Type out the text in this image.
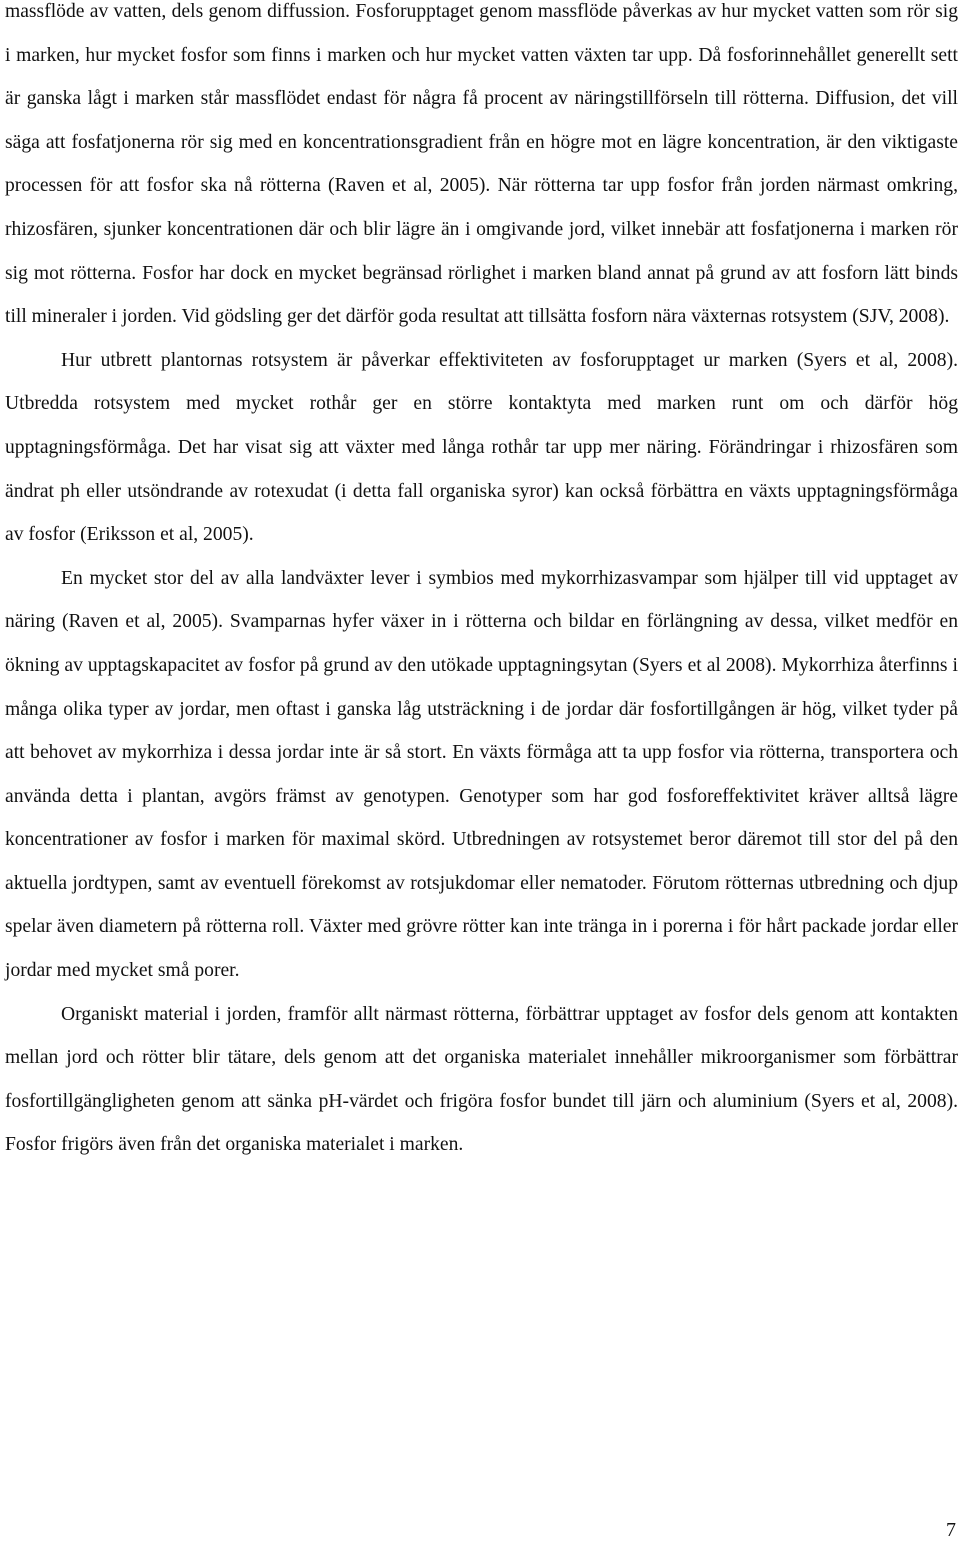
massflöde av vatten, dels genom diffussion. Fosforupptaget genom massflöde påverkas av hur mycket vatten som rör sig i marken, hur mycket fosfor som finns i marken och hur mycket vatten växten tar upp. Då fosforinnehållet generellt sett är ganska lågt i marken står massflödet endast för några få procent av näringstillförseln till rötterna. Diffusion, det vill säga att fosfatjonerna rör sig med en koncentrationsgradient från en högre mot en lägre koncentration, är den viktigaste processen för att fosfor ska nå rötterna (Raven et al, 2005). När rötterna tar upp fosfor från jorden närmast omkring, rhizosfären, sjunker koncentrationen där och blir lägre än i omgivande jord, vilket innebär att fosfatjonerna i marken rör sig mot rötterna. Fosfor har dock en mycket begränsad rörlighet i marken bland annat på grund av att fosforn lätt binds till mineraler i jorden. Vid gödsling ger det därför goda resultat att tillsätta fosforn nära växternas rotsystem (SJV, 2008).

Hur utbrett plantornas rotsystem är påverkar effektiviteten av fosforupptaget ur marken (Syers et al, 2008). Utbredda rotsystem med mycket rothår ger en större kontaktyta med marken runt om och därför hög upptagningsförmåga. Det har visat sig att växter med långa rothår tar upp mer näring. Förändringar i rhizosfären som ändrat ph eller utsöndrande av rotexudat (i detta fall organiska syror) kan också förbättra en växts upptagningsförmåga av fosfor (Eriksson et al, 2005).

En mycket stor del av alla landväxter lever i symbios med mykorrhizasvampar som hjälper till vid upptaget av näring (Raven et al, 2005). Svamparnas hyfer växer in i rötterna och bildar en förlängning av dessa, vilket medför en ökning av upptagskapacitet av fosfor på grund av den utökade upptagningsytan (Syers et al 2008). Mykorrhiza återfinns i många olika typer av jordar, men oftast i ganska låg utsträckning i de jordar där fosfortillgången är hög, vilket tyder på att behovet av mykorrhiza i dessa jordar inte är så stort. En växts förmåga att ta upp fosfor via rötterna, transportera och använda detta i plantan, avgörs främst av genotypen. Genotyper som har god fosforeffektivitet kräver alltså lägre koncentrationer av fosfor i marken för maximal skörd. Utbredningen av rotsystemet beror däremot till stor del på den aktuella jordtypen, samt av eventuell förekomst av rotsjukdomar eller nematoder. Förutom rötternas utbredning och djup spelar även diametern på rötterna roll. Växter med grövre rötter kan inte tränga in i porerna i för hårt packade jordar eller jordar med mycket små porer.

Organiskt material i jorden, framför allt närmast rötterna, förbättrar upptaget av fosfor dels genom att kontakten mellan jord och rötter blir tätare, dels genom att det organiska materialet innehåller mikroorganismer som förbättrar fosfortillgängligheten genom att sänka pH-värdet och frigöra fosfor bundet till järn och aluminium (Syers et al, 2008). Fosfor frigörs även från det organiska materialet i marken.

7
